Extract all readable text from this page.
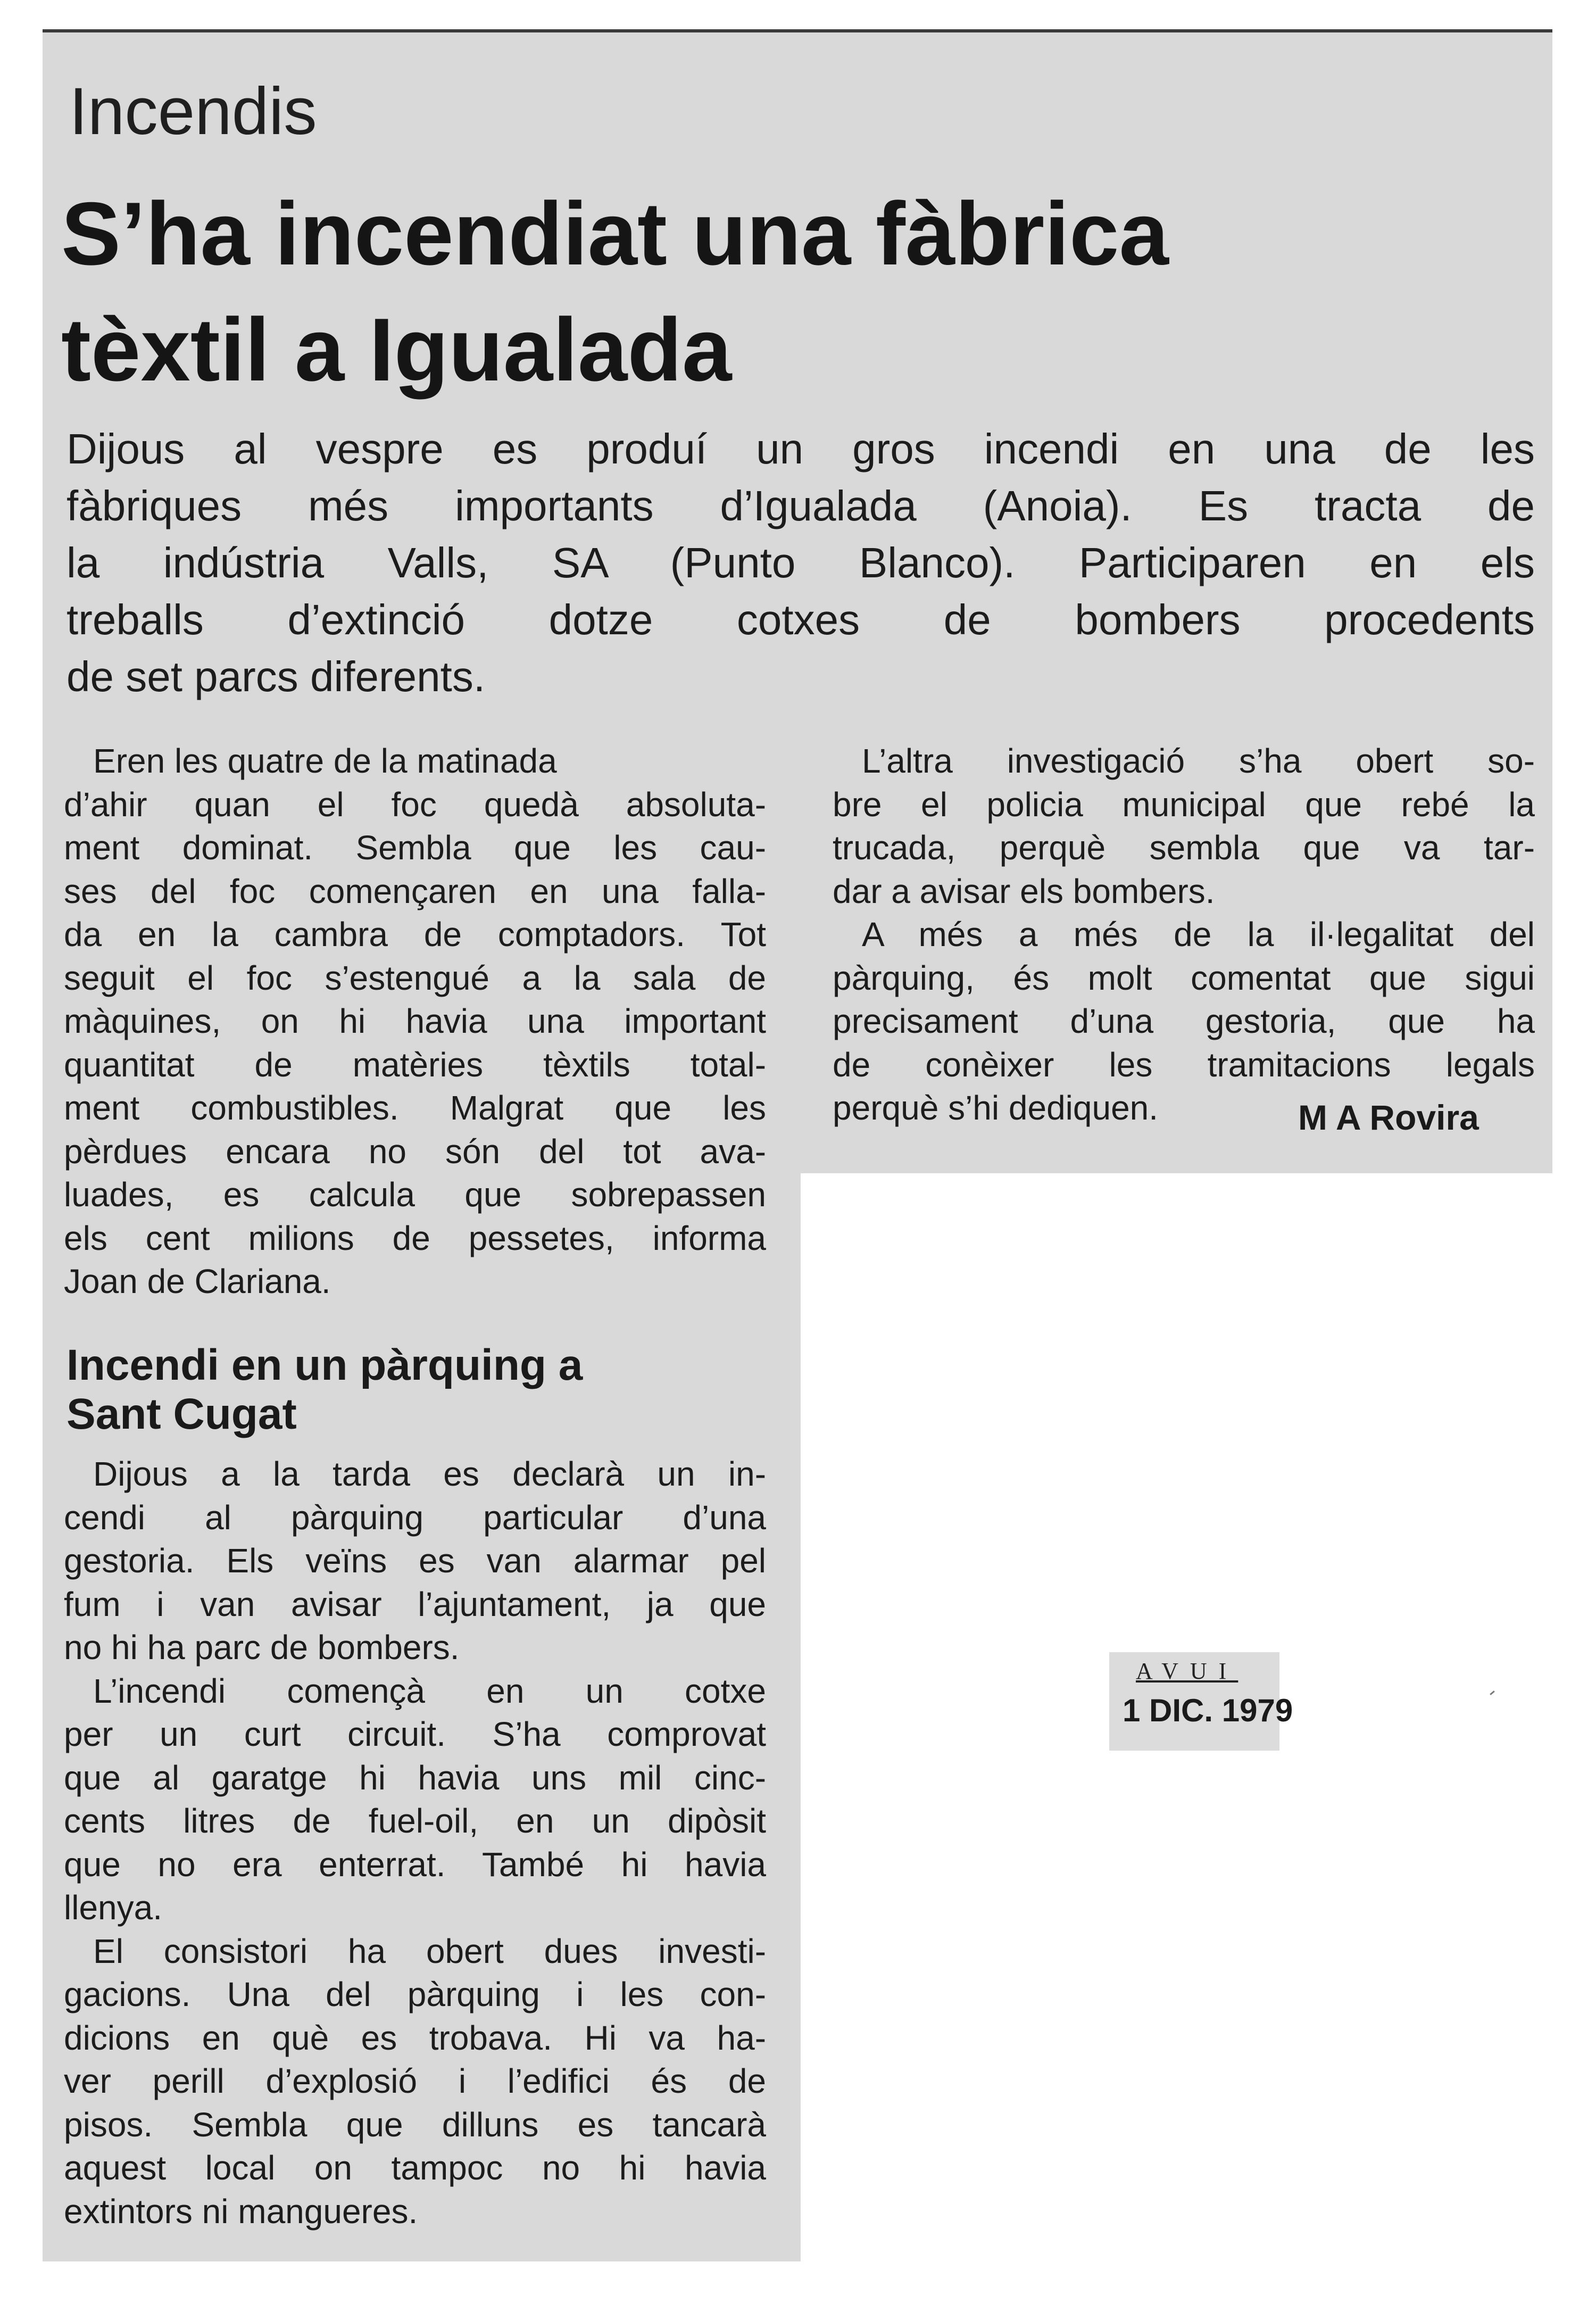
Incendis
S’ha incendiat una fàbrica
tèxtil a Igualada
Dijous al vespre es produí un gros incendi en una de les
fàbriques més importants d’Igualada (Anoia). Es tracta de
la indústria Valls, SA (Punto Blanco). Participaren en els
treballs d’extinció dotze cotxes de bombers procedents
de set parcs diferents.
Eren les quatre de la matinada
d’ahir quan el foc quedà absoluta-
ment dominat. Sembla que les cau-
ses del foc començaren en una falla-
da en la cambra de comptadors. Tot
seguit el foc s’estengué a la sala de
màquines, on hi havia una important
quantitat de matèries tèxtils total-
ment combustibles. Malgrat que les
pèrdues encara no són del tot ava-
luades, es calcula que sobrepassen
els cent milions de pessetes, informa
Joan de Clariana.
L’altra investigació s’ha obert so-
bre el policia municipal que rebé la
trucada, perquè sembla que va tar-
dar a avisar els bombers.
A més a més de la il·legalitat del
pàrquing, és molt comentat que sigui
precisament d’una gestoria, que ha
de conèixer les tramitacions legals
perquè s’hi dediquen.	M A Rovira
Incendi en un pàrquing a
Sant Cugat
Dijous a la tarda es declarà un in-
cendi al pàrquing particular d’una
gestoria. Els veïns es van alarmar pel
fum i van avisar l’ajuntament, ja que
no hi ha parc de bombers.
L’incendi començà en un cotxe
per un curt circuit. S’ha comprovat
que al garatge hi havia uns mil cinc-
cents litres de fuel-oil, en un dipòsit
que no era enterrat. També hi havia
llenya.
El consistori ha obert dues investi-
gacions. Una del pàrquing i les con-
dicions en què es trobava. Hi va ha-
ver perill d’explosió i l’edifici és de
pisos. Sembla que dilluns es tancarà
aquest local on tampoc no hi havia
extintors ni mangueres.
AVUI
1 DIC. 1979
